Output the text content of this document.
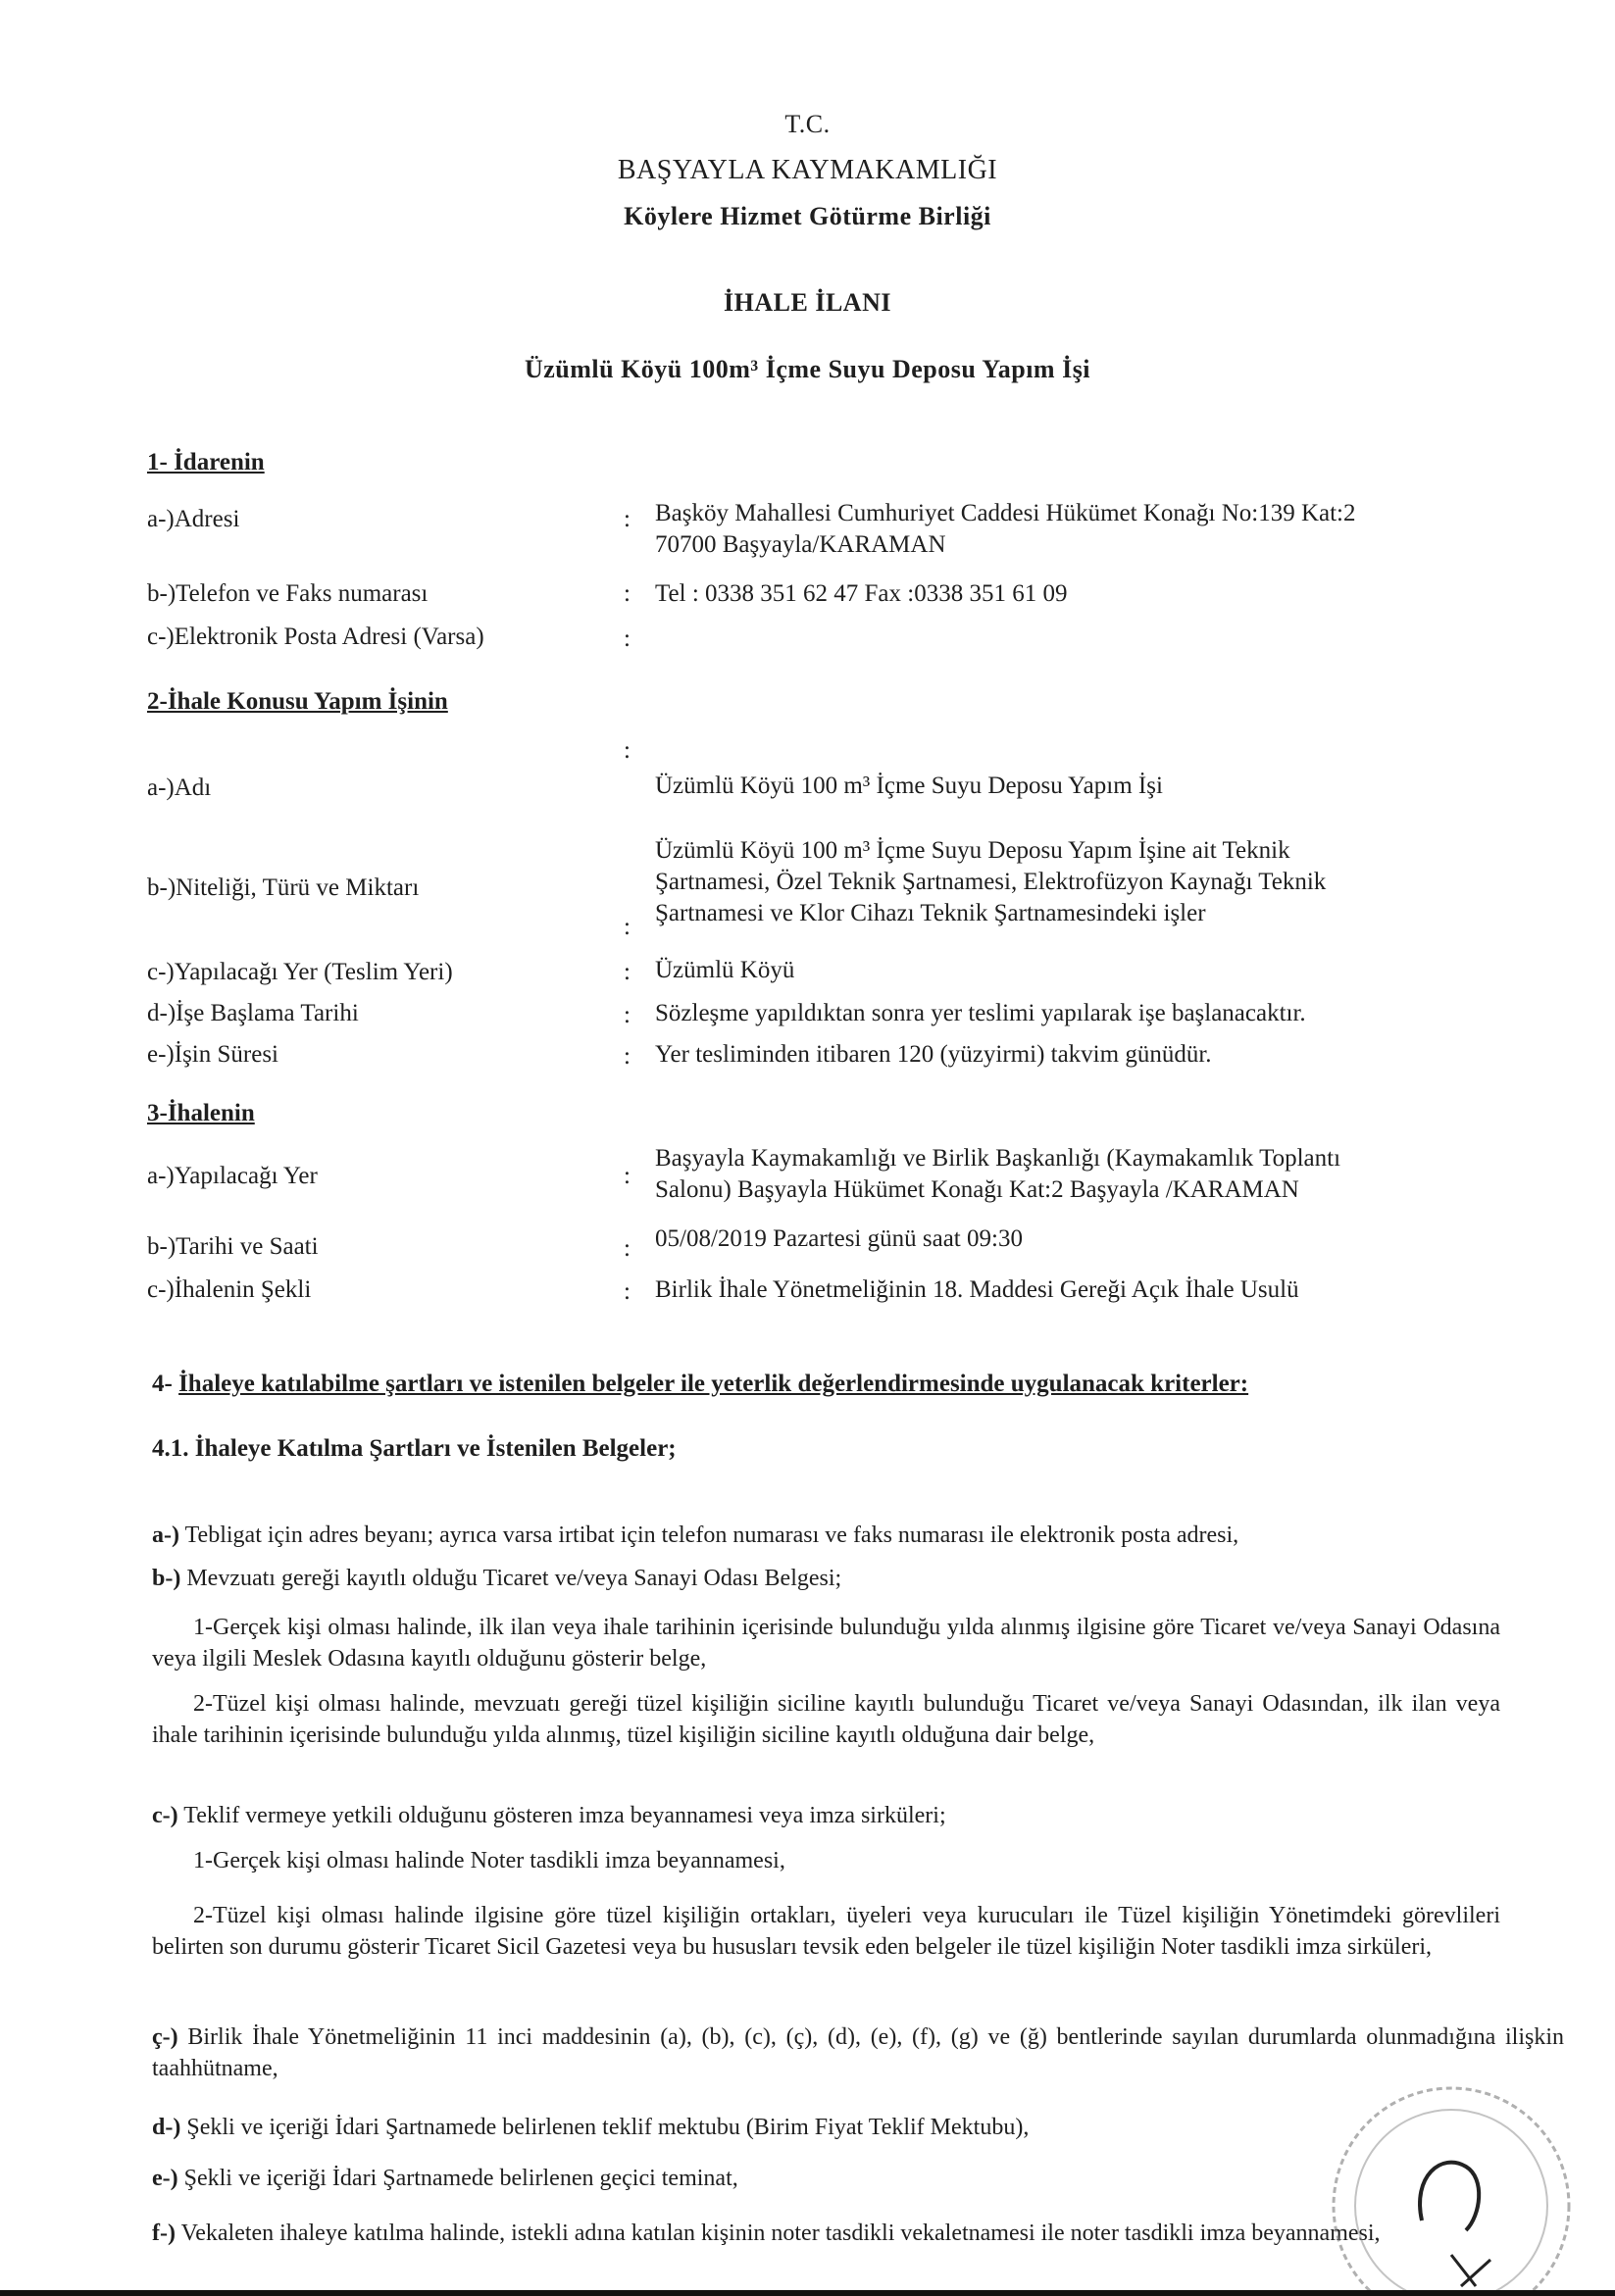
T.C.
BAŞYAYLA KAYMAKAMLIĞI
Köylere Hizmet Götürme Birliği
İHALE İLANI
Üzümlü Köyü 100m³ İçme Suyu Deposu Yapım İşi
1- İdarenin
a-)Adresi	: Başköy Mahallesi Cumhuriyet Caddesi Hükümet Konağı No:139 Kat:2
70700 Başyayla/KARAMAN
b-)Telefon ve Faks numarası	: Tel : 0338 351 62 47 Fax :0338 351 61 09
c-)Elektronik Posta Adresi (Varsa)	:
2-İhale Konusu Yapım İşinin
:
a-)Adı	Üzümlü Köyü 100 m³ İçme Suyu Deposu Yapım İşi
b-)Niteliği, Türü ve Miktarı
Üzümlü Köyü 100 m³ İçme Suyu Deposu Yapım İşine ait Teknik
Şartnamesi, Özel Teknik Şartnamesi, Elektrofüzyon Kaynağı Teknik
Şartnamesi ve Klor Cihazı Teknik Şartnamesindeki işler
:
c-)Yapılacağı Yer (Teslim Yeri)	: Üzümlü Köyü
d-)İşe Başlama Tarihi	: Sözleşme yapıldıktan sonra yer teslimi yapılarak işe başlanacaktır.
e-)İşin Süresi	: Yer tesliminden itibaren 120 (yüzyirmi) takvim günüdür.
3-İhalenin
a-)Yapılacağı Yer	:
Başyayla Kaymakamlığı ve Birlik Başkanlığı (Kaymakamlık Toplantı
Salonu) Başyayla Hükümet Konağı Kat:2 Başyayla /KARAMAN
b-)Tarihi ve Saati	: 05/08/2019 Pazartesi günü saat 09:30
c-)İhalenin Şekli	: Birlik İhale Yönetmeliğinin 18. Maddesi Gereği Açık İhale Usulü
4- İhaleye katılabilme şartları ve istenilen belgeler ile yeterlik değerlendirmesinde uygulanacak kriterler:
4.1. İhaleye Katılma Şartları ve İstenilen Belgeler;
a-) Tebligat için adres beyanı; ayrıca varsa irtibat için telefon numarası ve faks numarası ile elektronik posta adresi,
b-) Mevzuatı gereği kayıtlı olduğu Ticaret ve/veya Sanayi Odası Belgesi;
1-Gerçek kişi olması halinde, ilk ilan veya ihale tarihinin içerisinde bulunduğu yılda alınmış ilgisine göre Ticaret ve/veya Sanayi Odasına veya ilgili Meslek Odasına kayıtlı olduğunu gösterir belge,
2-Tüzel kişi olması halinde, mevzuatı gereği tüzel kişiliğin siciline kayıtlı bulunduğu Ticaret ve/veya Sanayi Odasından, ilk ilan veya ihale tarihinin içerisinde bulunduğu yılda alınmış, tüzel kişiliğin siciline kayıtlı olduğuna dair belge,
c-) Teklif vermeye yetkili olduğunu gösteren imza beyannamesi veya imza sirküleri;
1-Gerçek kişi olması halinde Noter tasdikli imza beyannamesi,
2-Tüzel kişi olması halinde ilgisine göre tüzel kişiliğin ortakları, üyeleri veya kurucuları ile Tüzel kişiliğin Yönetimdeki görevlileri belirten son durumu gösterir Ticaret Sicil Gazetesi veya bu hususları tevsik eden belgeler ile tüzel kişiliğin Noter tasdikli imza sirküleri,
ç-) Birlik İhale Yönetmeliğinin 11 inci maddesinin (a), (b), (c), (ç), (d), (e), (f), (g) ve (ğ) bentlerinde sayılan durumlarda olunmadığına ilişkin taahhütname,
d-) Şekli ve içeriği İdari Şartnamede belirlenen teklif mektubu (Birim Fiyat Teklif Mektubu),
e-) Şekli ve içeriği İdari Şartnamede belirlenen geçici teminat,
f-) Vekaleten ihaleye katılma halinde, istekli adına katılan kişinin noter tasdikli vekaletnamesi ile noter tasdikli imza beyannamesi,
